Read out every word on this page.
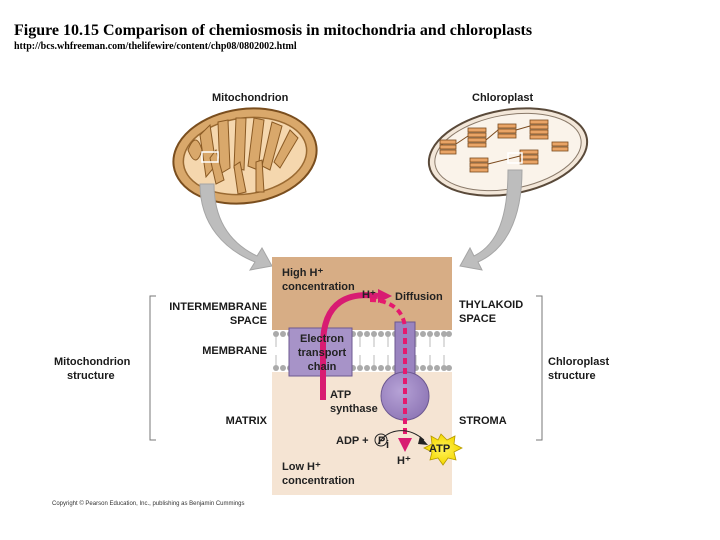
Figure 10.15 Comparison of chemiosmosis in mitochondria and chloroplasts
http://bcs.whfreeman.com/thelifewire/content/chp08/0802002.html
Mitochondrion	Chloroplast
High H⁺ concentration
H⁺ Diffusion
Electron transport chain
ATP synthase
ADP + P i
H⁺
ATP
Low H⁺ concentration
INTERMEMBRANE SPACE
MEMBRANE
MATRIX
Mitochondrion structure
THYLAKOID SPACE
STROMA
Chloroplast structure
Copyright © Pearson Education, Inc., publishing as Benjamin Cummings
